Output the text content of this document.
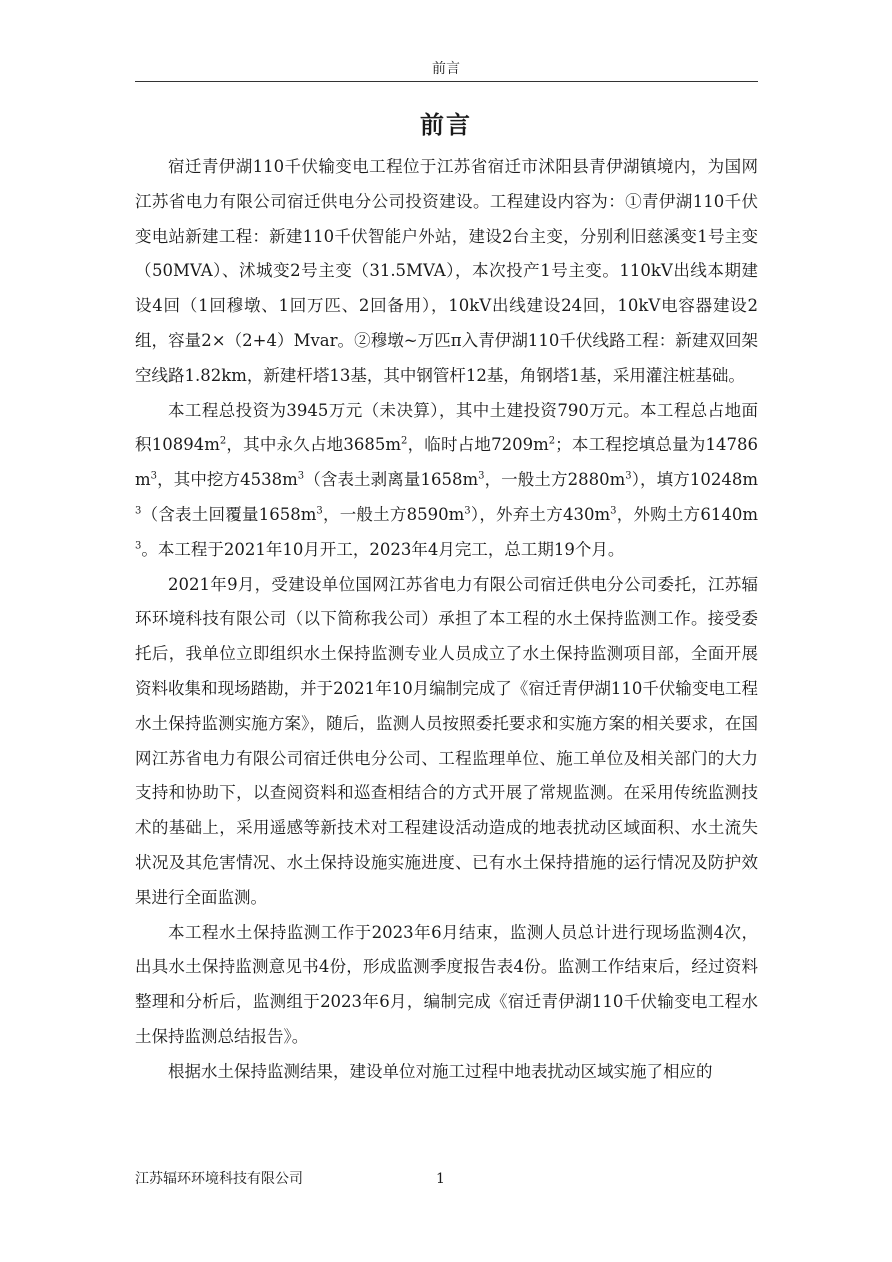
前言
前言

宿迁青伊湖110千伏输变电工程位于江苏省宿迁市沭阳县青伊湖镇境内，为国网江苏省电力有限公司宿迁供电分公司投资建设。工程建设内容为：①青伊湖110千伏变电站新建工程：新建110千伏智能户外站，建设2台主变，分别利旧慈溪变1号主变（50MVA）、沭城变2号主变（31.5MVA），本次投产1号主变。110kV出线本期建设4回（1回穆墩、1回万匹、2回备用），10kV出线建设24回，10kV电容器建设2组，容量2×（2+4）Mvar。②穆墩~万匹π入青伊湖110千伏线路工程：新建双回架空线路1.82km，新建杆塔13基，其中钢管杆12基，角钢塔1基，采用灌注桩基础。

本工程总投资为3945万元（未决算），其中土建投资790万元。本工程总占地面积$10894m^2$，其中永久占地$3685m^2$，临时占地$7209m^2$；本工程挖填总量为$14786m^3$，其中挖方$4538m^3$（含表土剥离量$1658m^3$，一般土方$2880m^3$），填方$10248m^3$（含表土回覆量$1658m^3$，一般土方$8590m^3$），外弃土方$430m^3$，外购土方$6140m^3$。本工程于2021年10月开工，2023年4月完工，总工期19个月。

2021年9月，受建设单位国网江苏省电力有限公司宿迁供电分公司委托，江苏辐环环境科技有限公司（以下简称我公司）承担了本工程的水土保持监测工作。接受委托后，我单位立即组织水土保持监测专业人员成立了水土保持监测项目部，全面开展资料收集和现场踏勘，并于2021年10月编制完成了《宿迁青伊湖110千伏输变电工程水土保持监测实施方案》，随后，监测人员按照委托要求和实施方案的相关要求，在国网江苏省电力有限公司宿迁供电分公司、工程监理单位、施工单位及相关部门的大力支持和协助下，以查阅资料和巡查相结合的方式开展了常规监测。在采用传统监测技术的基础上，采用遥感等新技术对工程建设活动造成的地表扰动区域面积、水土流失状况及其危害情况、水土保持设施实施进度、已有水土保持措施的运行情况及防护效果进行全面监测。

本工程水土保持监测工作于2023年6月结束，监测人员总计进行现场监测4次，出具水土保持监测意见书4份，形成监测季度报告表4份。监测工作结束后，经过资料整理和分析后，监测组于2023年6月，编制完成《宿迁青伊湖110千伏输变电工程水土保持监测总结报告》。

根据水土保持监测结果，建设单位对施工过程中地表扰动区域实施了相应的

江苏辐环环境科技有限公司	1
